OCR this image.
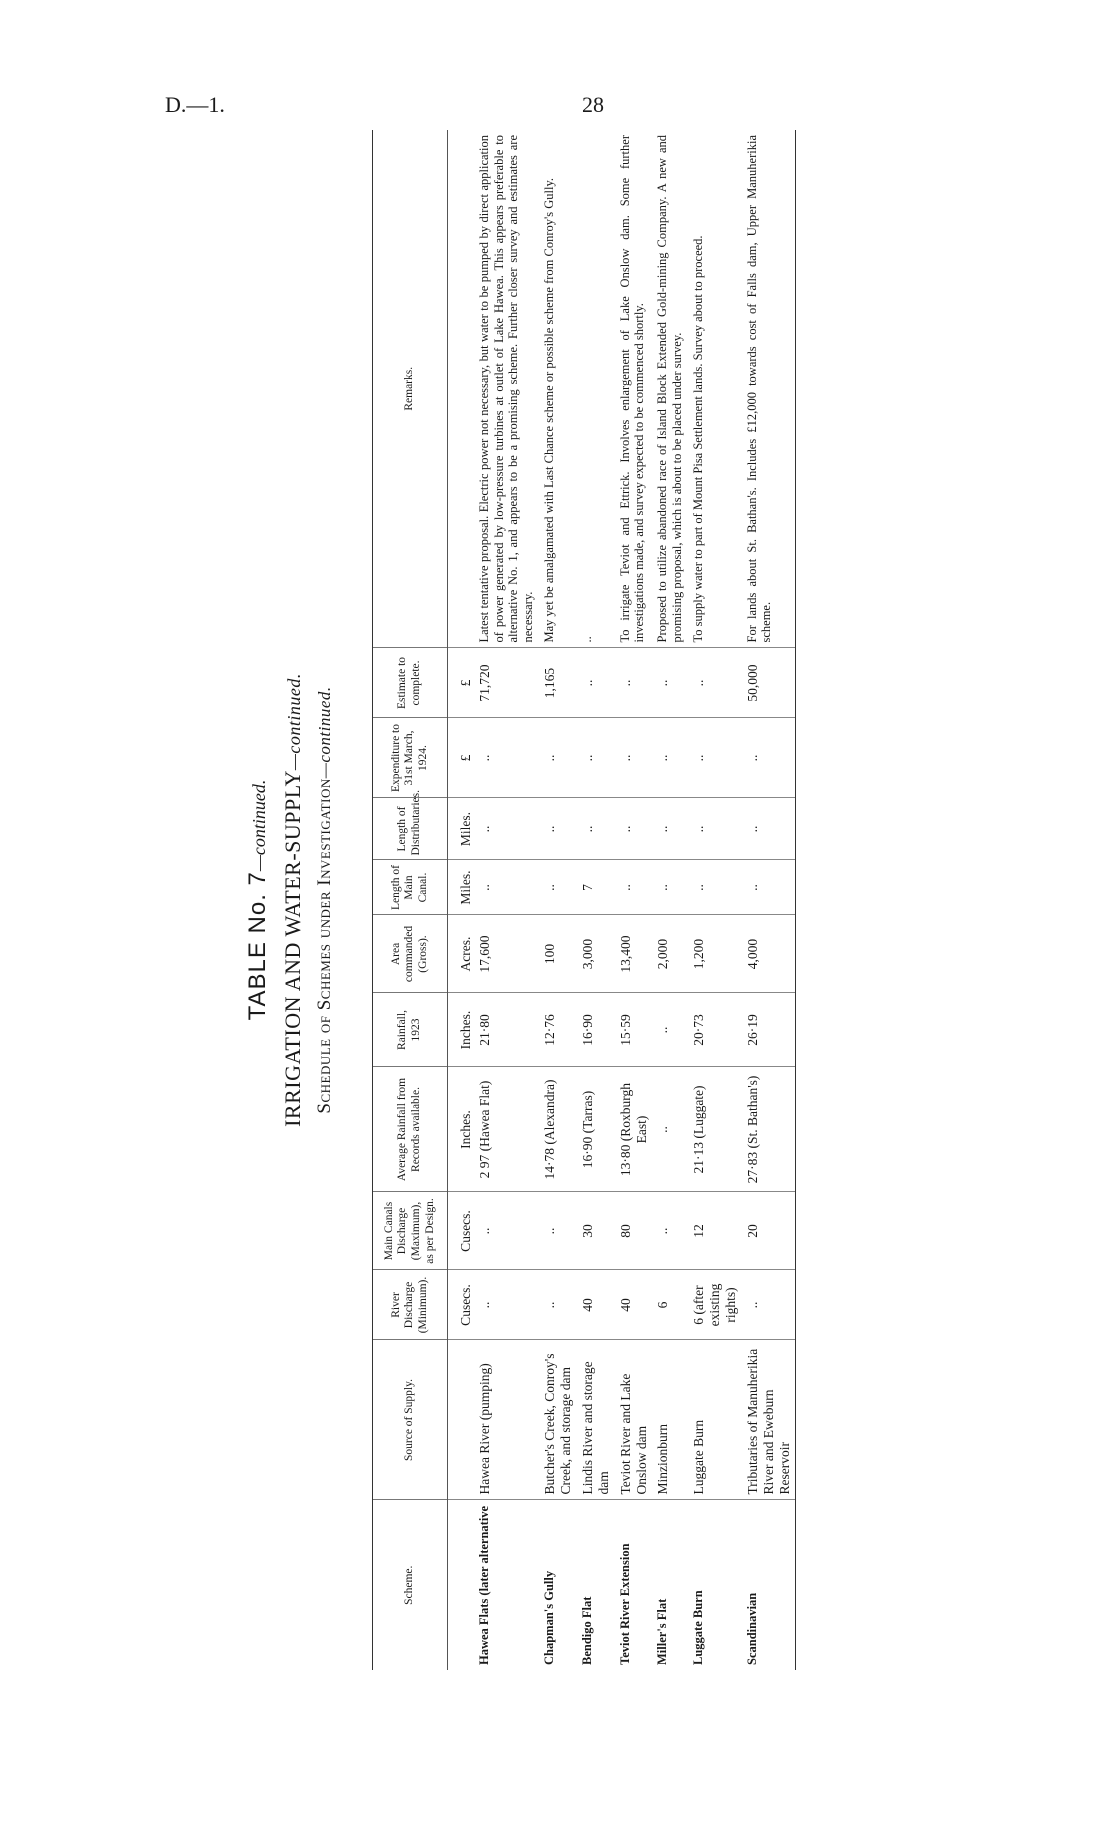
D.—1.	28
TABLE No. 7—continued. IRRIGATION AND WATER-SUPPLY—continued.
Schedule of Schemes under Investigation—continued.
Scheme.	Source of Supply.	River Discharge (Minimum).	Main Canals Discharge (Maximum), as per Design.	Average Rainfall from Records available.	Rainfall, 1923	Area commanded (Gross).	Length of Main Canal.	Length of Distributaries.	Expenditure to 31st March, 1924.	Estimate to complete.	Remarks.
		Cusecs.	Cusecs.	Inches.	Inches.	Acres.	Miles.	Miles.	£	£	
Hawea Flats (later alternative	Hawea River (pumping)	..	..	2 97 (Hawea Flat)	21·80	17,600	..	..	..	71,720	Latest tentative proposal. Electric power not necessary, but water to be pumped by direct application of power generated by low-pressure turbines at outlet of Lake Hawea. This appears preferable to alternative No. 1, and appears to be a promising scheme. Further closer survey and estimates are necessary.
Chapman's Gully	Butcher's Creek, Conroy's Creek, and storage dam	..	..	14·78 (Alexandra)	12·76	100	..	..	..	1,165	May yet be amalgamated with Last Chance scheme or possible scheme from Conroy's Gully.
Bendigo Flat	Lindis River and storage dam	40	30	16·90 (Tarras)	16·90	3,000	7	..	..	..	..
Teviot River Extension	Teviot River and Lake Onslow dam	40	80	13·80 (Roxburgh East)	15·59	13,400	..	..	..	..	To irrigate Teviot and Ettrick. Involves enlargement of Lake Onslow dam. Some further investigations made, and survey expected to be commenced shortly.
Miller's Flat	Minzionburn	6	..	..	..	2,000	..	..	..	..	Proposed to utilize abandoned race of Island Block Extended Gold-mining Company. A new and promising proposal, which is about to be placed under survey.
Luggate Burn	Luggate Burn	6 (after existing rights)	12	21·13 (Luggate)	20·73	1,200	..	..	..	..	To supply water to part of Mount Pisa Settlement lands. Survey about to proceed.
Scandinavian	Tributaries of Manuherikia River and Eweburn Reservoir	..	20	27·83 (St. Bathan's)	26·19	4,000	..	..	..	50,000	For lands about St. Bathan's. Includes £12,000 towards cost of Falls dam, Upper Manuherikia scheme.
